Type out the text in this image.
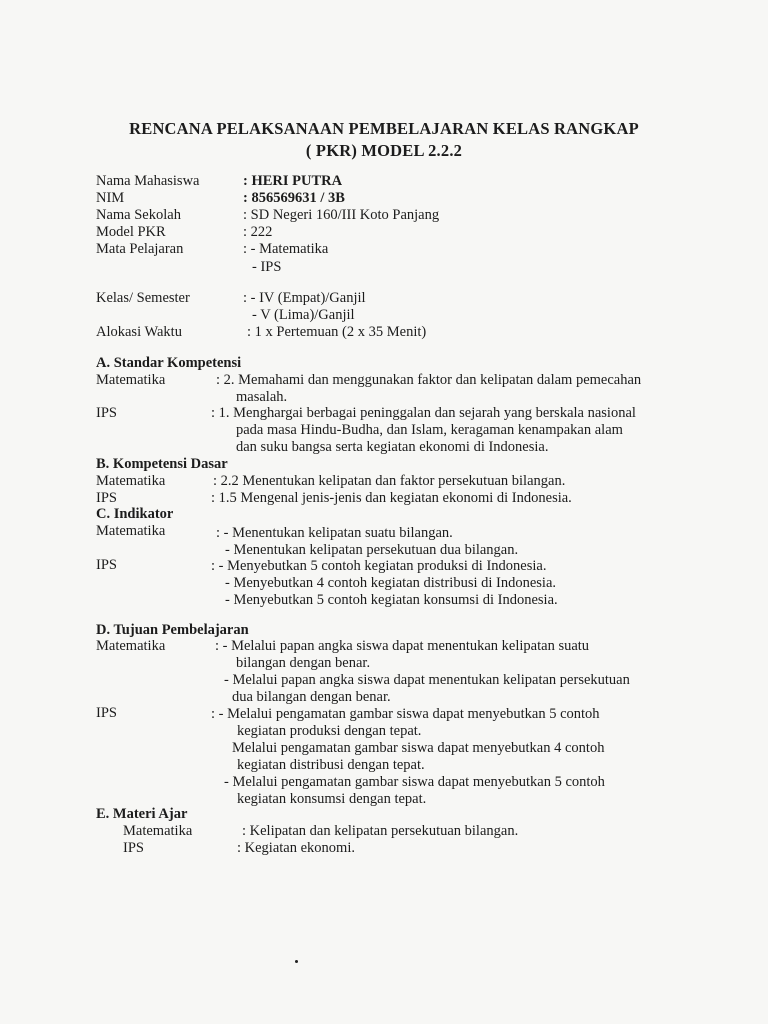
RENCANA PELAKSANAAN PEMBELAJARAN KELAS RANGKAP
( PKR) MODEL 2.2.2
Nama Mahasiswa	: HERI PUTRA
NIM	: 856569631 / 3B
Nama Sekolah	: SD Negeri 160/III Koto Panjang
Model PKR	: 222
Mata Pelajaran	: - Matematika
- IPS
Kelas/ Semester	: - IV (Empat)/Ganjil
- V (Lima)/Ganjil
Alokasi Waktu	: 1 x Pertemuan (2 x 35 Menit)
A. Standar Kompetensi
Matematika	: 2. Memahami dan menggunakan faktor dan kelipatan dalam pemecahan
masalah.
IPS	: 1. Menghargai berbagai peninggalan dan sejarah yang berskala nasional
pada masa Hindu-Budha, dan Islam, keragaman kenampakan alam
dan suku bangsa serta kegiatan ekonomi di Indonesia.
B. Kompetensi Dasar
Matematika	: 2.2 Menentukan kelipatan dan faktor persekutuan bilangan.
IPS	: 1.5 Mengenal jenis-jenis dan kegiatan ekonomi di Indonesia.
C. Indikator
Matematika	: - Menentukan kelipatan suatu bilangan.
- Menentukan kelipatan persekutuan dua bilangan.
IPS	: - Menyebutkan 5 contoh kegiatan produksi di Indonesia.
- Menyebutkan 4 contoh kegiatan distribusi di Indonesia.
- Menyebutkan 5 contoh kegiatan konsumsi di Indonesia.
D. Tujuan Pembelajaran
Matematika	: - Melalui papan angka siswa dapat menentukan kelipatan suatu
bilangan dengan benar.
- Melalui papan angka siswa dapat menentukan kelipatan persekutuan
dua bilangan dengan benar.
IPS	: - Melalui pengamatan gambar siswa dapat menyebutkan 5 contoh
kegiatan produksi dengan tepat.
Melalui pengamatan gambar siswa dapat menyebutkan 4 contoh
kegiatan distribusi dengan tepat.
- Melalui pengamatan gambar siswa dapat menyebutkan 5 contoh
kegiatan konsumsi dengan tepat.
E. Materi Ajar
Matematika	: Kelipatan dan kelipatan persekutuan bilangan.
IPS	: Kegiatan ekonomi.
